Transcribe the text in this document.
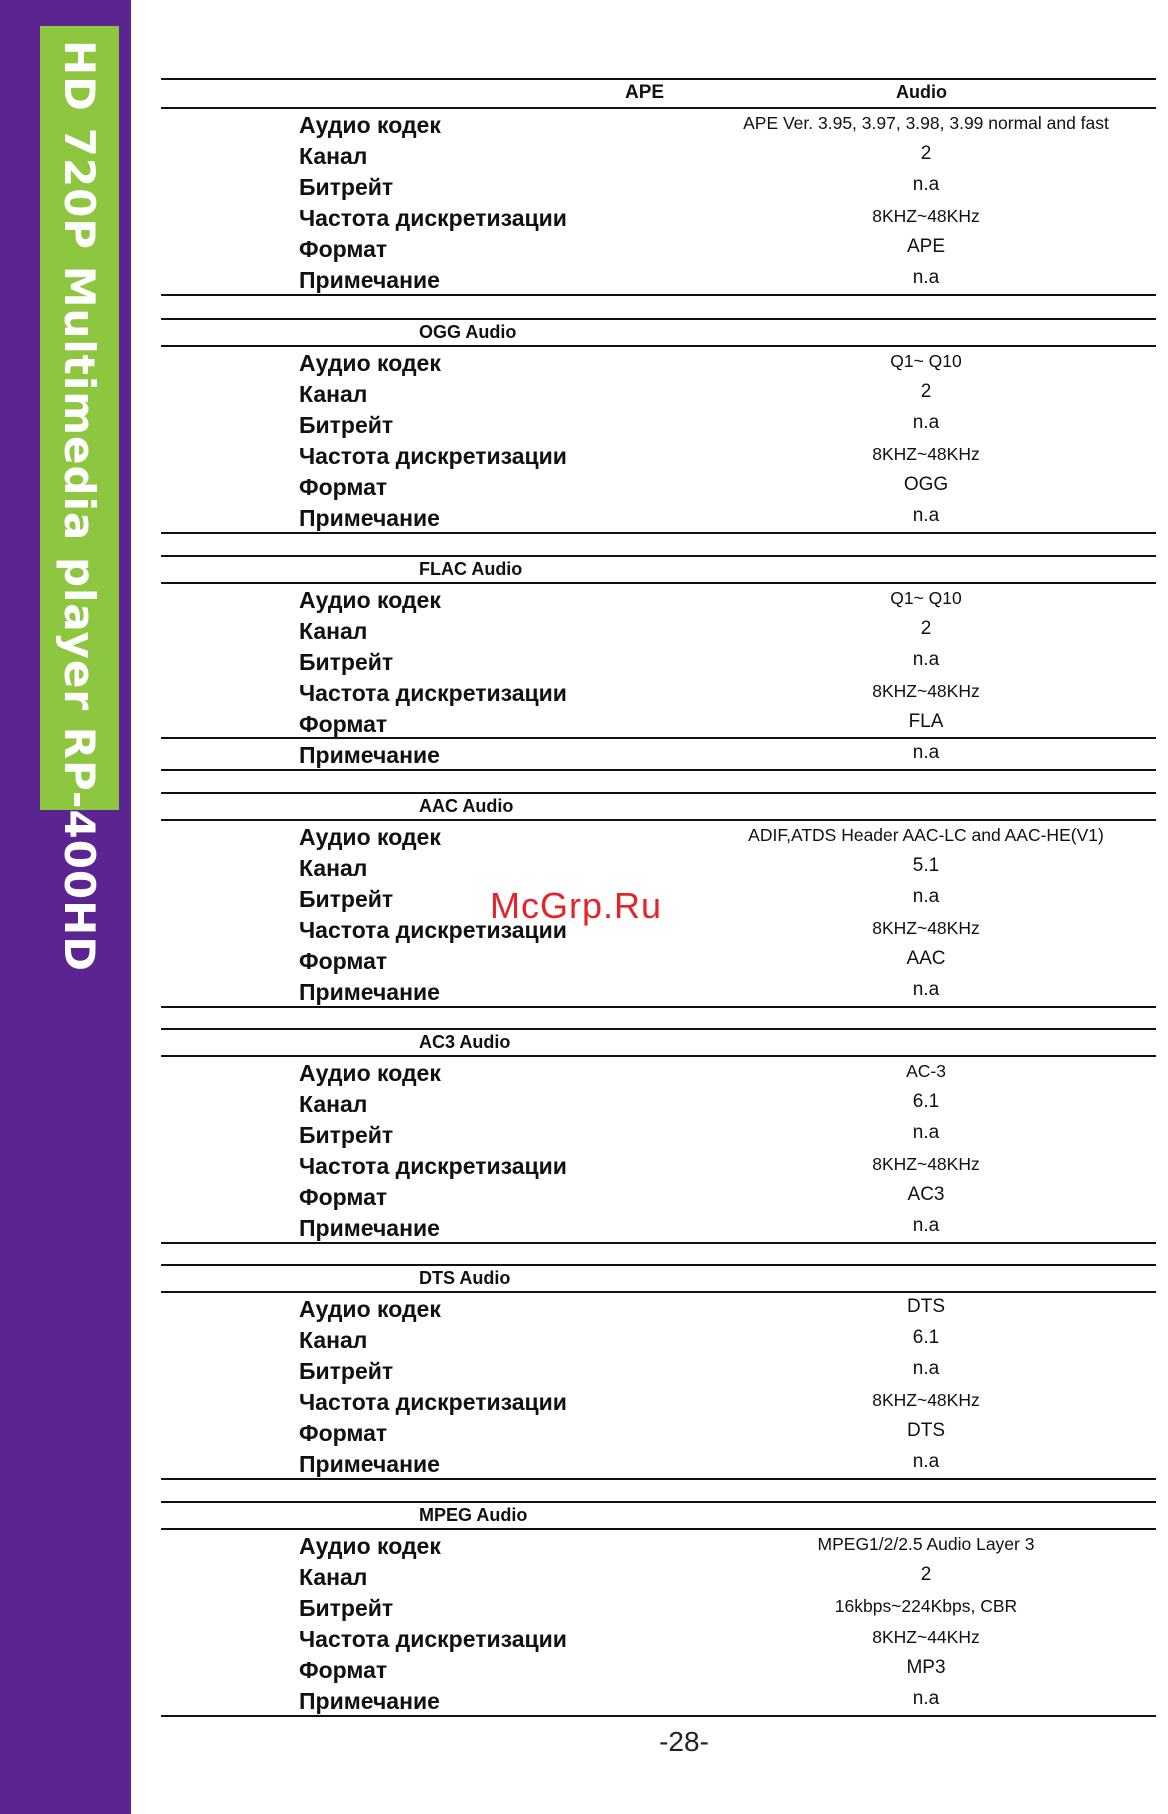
HD 720P Multimedia player RP-400HD	APE	Audio
Аудио кодек	APE Ver. 3.95, 3.97, 3.98, 3.99 normal and fast
Канал	2
Битрейт	n.a
Частота дискретизации	8KHZ~48KHz
Формат	APE
Примечание	n.a
OGG Audio
Аудио кодек	Q1~ Q10
Канал	2
Битрейт	n.a
Частота дискретизации	8KHZ~48KHz
Формат	OGG
Примечание	n.a
FLAC Audio
Аудио кодек	Q1~ Q10
Канал	2
Битрейт	n.a
Частота дискретизации	8KHZ~48KHz
Формат	FLA
Примечание	n.a
AAC Audio
Аудио кодек	ADIF,ATDS Header AAC-LC and AAC-HE(V1)
Канал	5.1
Битрейт	n.a
Частота дискретизации	8KHZ~48KHz
Формат	AAC
Примечание	n.a
AC3 Audio
Аудио кодек	AC-3
Канал	6.1
Битрейт	n.a
Частота дискретизации	8KHZ~48KHz
Формат	AC3
Примечание	n.a
DTS Audio
Аудио кодек	DTS
Канал	6.1
Битрейт	n.a
Частота дискретизации	8KHZ~48KHz
Формат	DTS
Примечание	n.a
MPEG Audio
Аудио кодек	MPEG1/2/2.5 Audio Layer 3
Канал	2
Битрейт	16kbps~224Kbps, CBR
Частота дискретизации	8KHZ~44KHz
Формат	MP3
Примечание	n.a
McGrp.Ru
-28-
